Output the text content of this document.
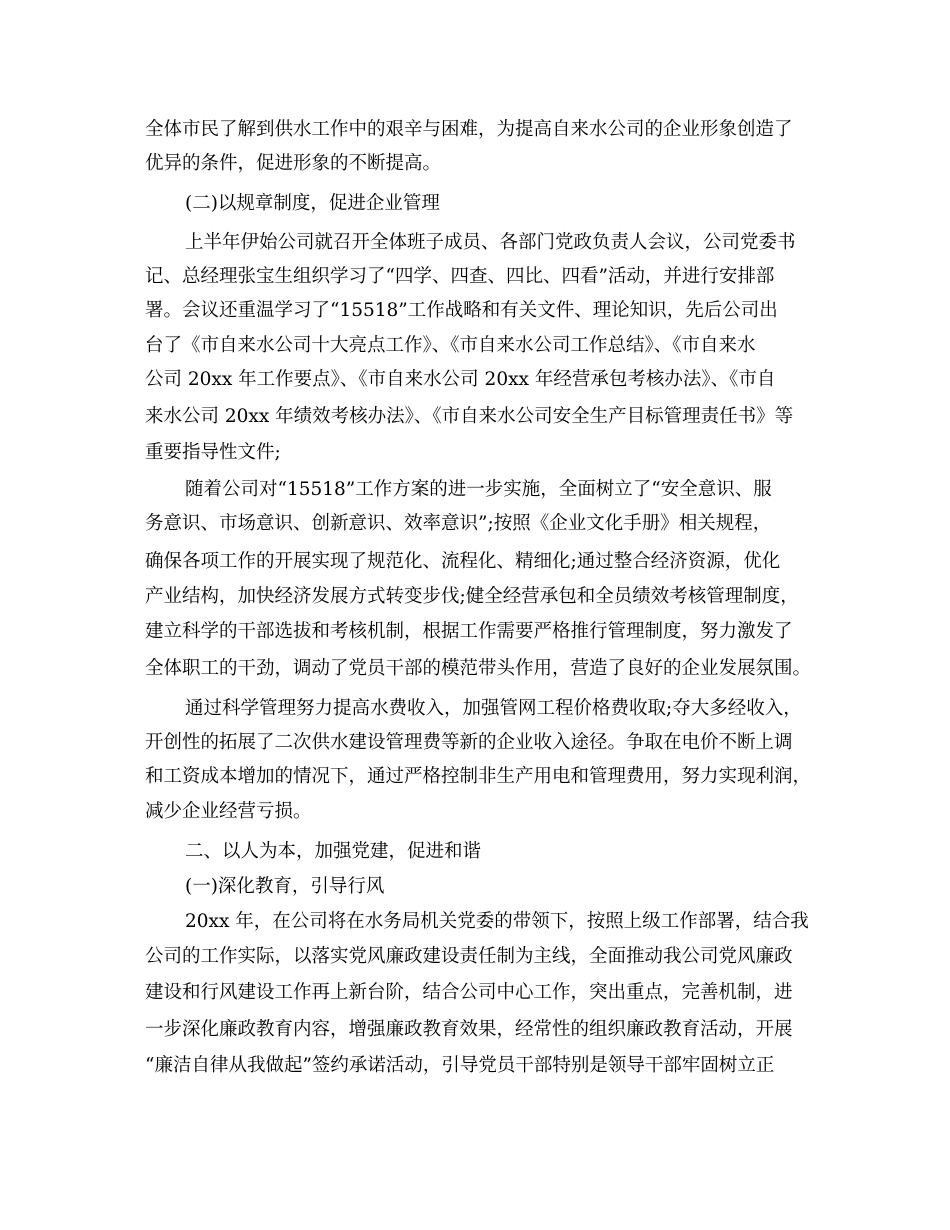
全体市民了解到供水工作中的艰辛与困难，为提高自来水公司的企业形象创造了
优异的条件，促进形象的不断提高。
(二)以规章制度，促进企业管理
上半年伊始公司就召开全体班子成员、各部门党政负责人会议，公司党委书
记、总经理张宝生组织学习了“四学、四查、四比、四看”活动，并进行安排部
署。会议还重温学习了“15518”工作战略和有关文件、理论知识，先后公司出
台了《市自来水公司十大亮点工作》、《市自来水公司工作总结》、《市自来水
公司 20xx 年工作要点》、《市自来水公司 20xx 年经营承包考核办法》、《市自
来水公司 20xx 年绩效考核办法》、《市自来水公司安全生产目标管理责任书》等
重要指导性文件;
随着公司对“15518”工作方案的进一步实施，全面树立了“安全意识、服
务意识、市场意识、创新意识、效率意识”;按照《企业文化手册》相关规程，
确保各项工作的开展实现了规范化、流程化、精细化;通过整合经济资源，优化
产业结构，加快经济发展方式转变步伐;健全经营承包和全员绩效考核管理制度，
建立科学的干部选拔和考核机制，根据工作需要严格推行管理制度，努力激发了
全体职工的干劲，调动了党员干部的模范带头作用，营造了良好的企业发展氛围。
通过科学管理努力提高水费收入，加强管网工程价格费收取;夺大多经收入，
开创性的拓展了二次供水建设管理费等新的企业收入途径。争取在电价不断上调
和工资成本增加的情况下，通过严格控制非生产用电和管理费用，努力实现利润，
减少企业经营亏损。
二、以人为本，加强党建，促进和谐
(一)深化教育，引导行风
20xx 年，在公司将在水务局机关党委的带领下，按照上级工作部署，结合我
公司的工作实际，以落实党风廉政建设责任制为主线，全面推动我公司党风廉政
建设和行风建设工作再上新台阶，结合公司中心工作，突出重点，完善机制，进
一步深化廉政教育内容，增强廉政教育效果，经常性的组织廉政教育活动，开展
“廉洁自律从我做起”签约承诺活动，引导党员干部特别是领导干部牢固树立正
